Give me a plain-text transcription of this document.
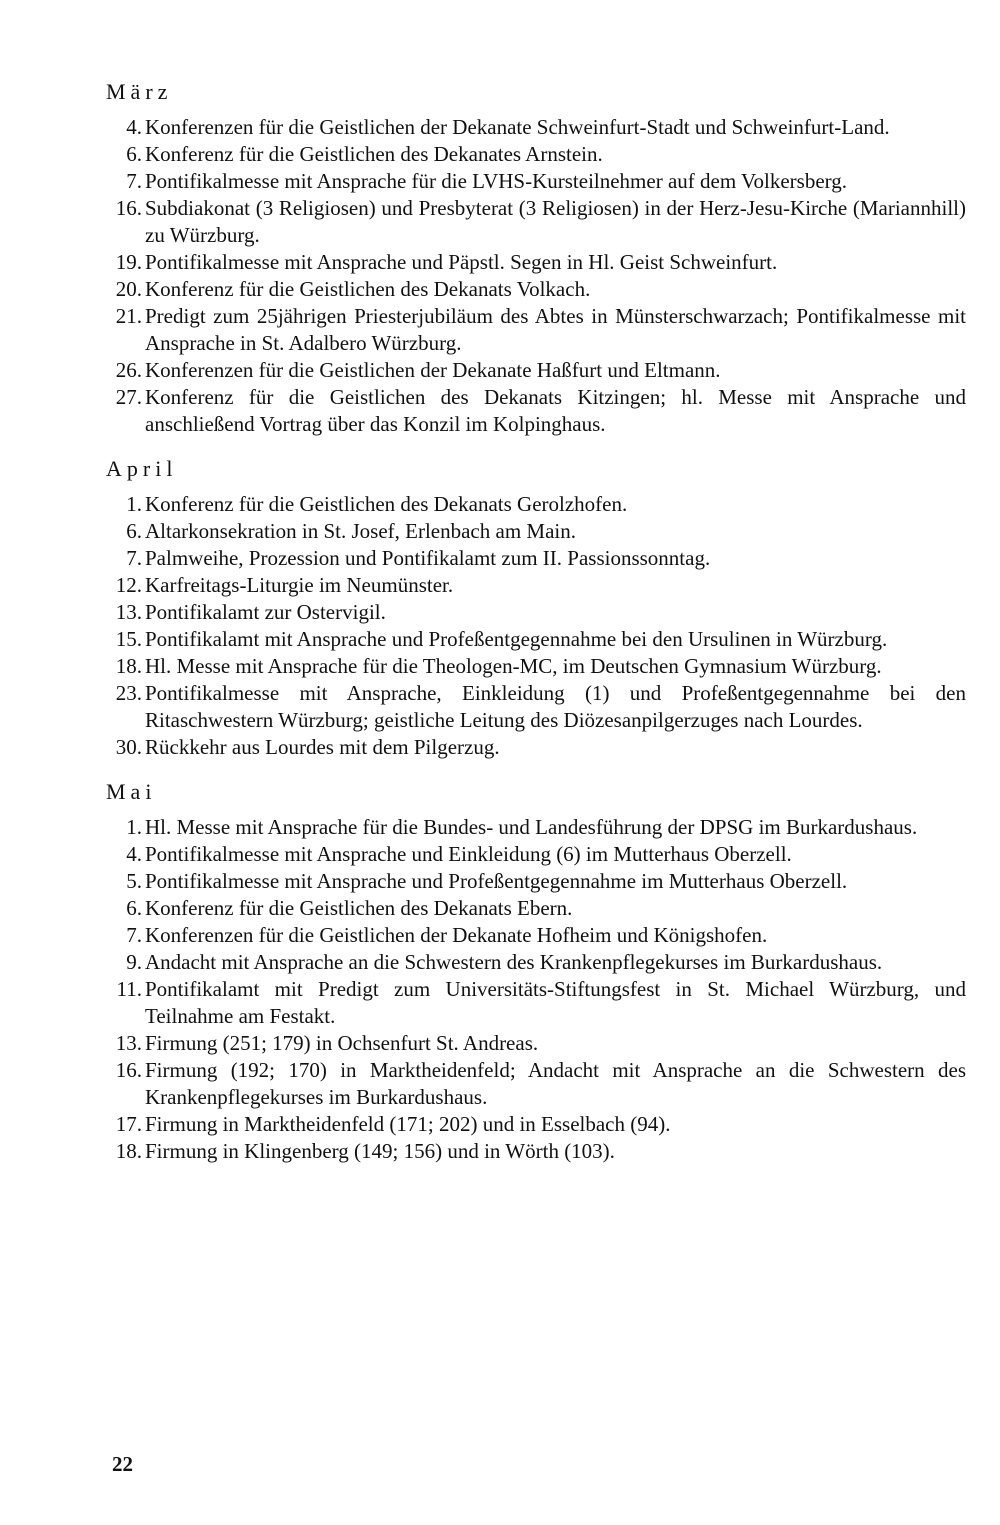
März
4. Konferenzen für die Geistlichen der Dekanate Schweinfurt-Stadt und Schweinfurt-Land.
6. Konferenz für die Geistlichen des Dekanates Arnstein.
7. Pontifikalmesse mit Ansprache für die LVHS-Kursteilnehmer auf dem Volkersberg.
16. Subdiakonat (3 Religiosen) und Presbyterat (3 Religiosen) in der Herz-Jesu-Kirche (Mariannhill) zu Würzburg.
19. Pontifikalmesse mit Ansprache und Päpstl. Segen in Hl. Geist Schweinfurt.
20. Konferenz für die Geistlichen des Dekanats Volkach.
21. Predigt zum 25jährigen Priesterjubiläum des Abtes in Münsterschwarzach; Pontifikalmesse mit Ansprache in St. Adalbero Würzburg.
26. Konferenzen für die Geistlichen der Dekanate Haßfurt und Eltmann.
27. Konferenz für die Geistlichen des Dekanats Kitzingen; hl. Messe mit Ansprache und anschließend Vortrag über das Konzil im Kolpinghaus.
April
1. Konferenz für die Geistlichen des Dekanats Gerolzhofen.
6. Altarkonsekration in St. Josef, Erlenbach am Main.
7. Palmweihe, Prozession und Pontifikalamt zum II. Passionssonntag.
12. Karfreitags-Liturgie im Neumünster.
13. Pontifikalamt zur Ostervigil.
15. Pontifikalamt mit Ansprache und Profeßentgegennahme bei den Ursulinen in Würzburg.
18. Hl. Messe mit Ansprache für die Theologen-MC, im Deutschen Gymnasium Würzburg.
23. Pontifikalmesse mit Ansprache, Einkleidung (1) und Profeßentgegennahme bei den Ritaschwestern Würzburg; geistliche Leitung des Diözesanpilgerzuges nach Lourdes.
30. Rückkehr aus Lourdes mit dem Pilgerzug.
Mai
1. Hl. Messe mit Ansprache für die Bundes- und Landesführung der DPSG im Burkardushaus.
4. Pontifikalmesse mit Ansprache und Einkleidung (6) im Mutterhaus Oberzell.
5. Pontifikalmesse mit Ansprache und Profeßentgegennahme im Mutterhaus Oberzell.
6. Konferenz für die Geistlichen des Dekanats Ebern.
7. Konferenzen für die Geistlichen der Dekanate Hofheim und Königshofen.
9. Andacht mit Ansprache an die Schwestern des Krankenpflegekurses im Burkardushaus.
11. Pontifikalamt mit Predigt zum Universitäts-Stiftungsfest in St. Michael Würzburg, und Teilnahme am Festakt.
13. Firmung (251; 179) in Ochsenfurt St. Andreas.
16. Firmung (192; 170) in Marktheidenfeld; Andacht mit Ansprache an die Schwestern des Krankenpflegekurses im Burkardushaus.
17. Firmung in Marktheidenfeld (171; 202) und in Esselbach (94).
18. Firmung in Klingenberg (149; 156) und in Wörth (103).
22
